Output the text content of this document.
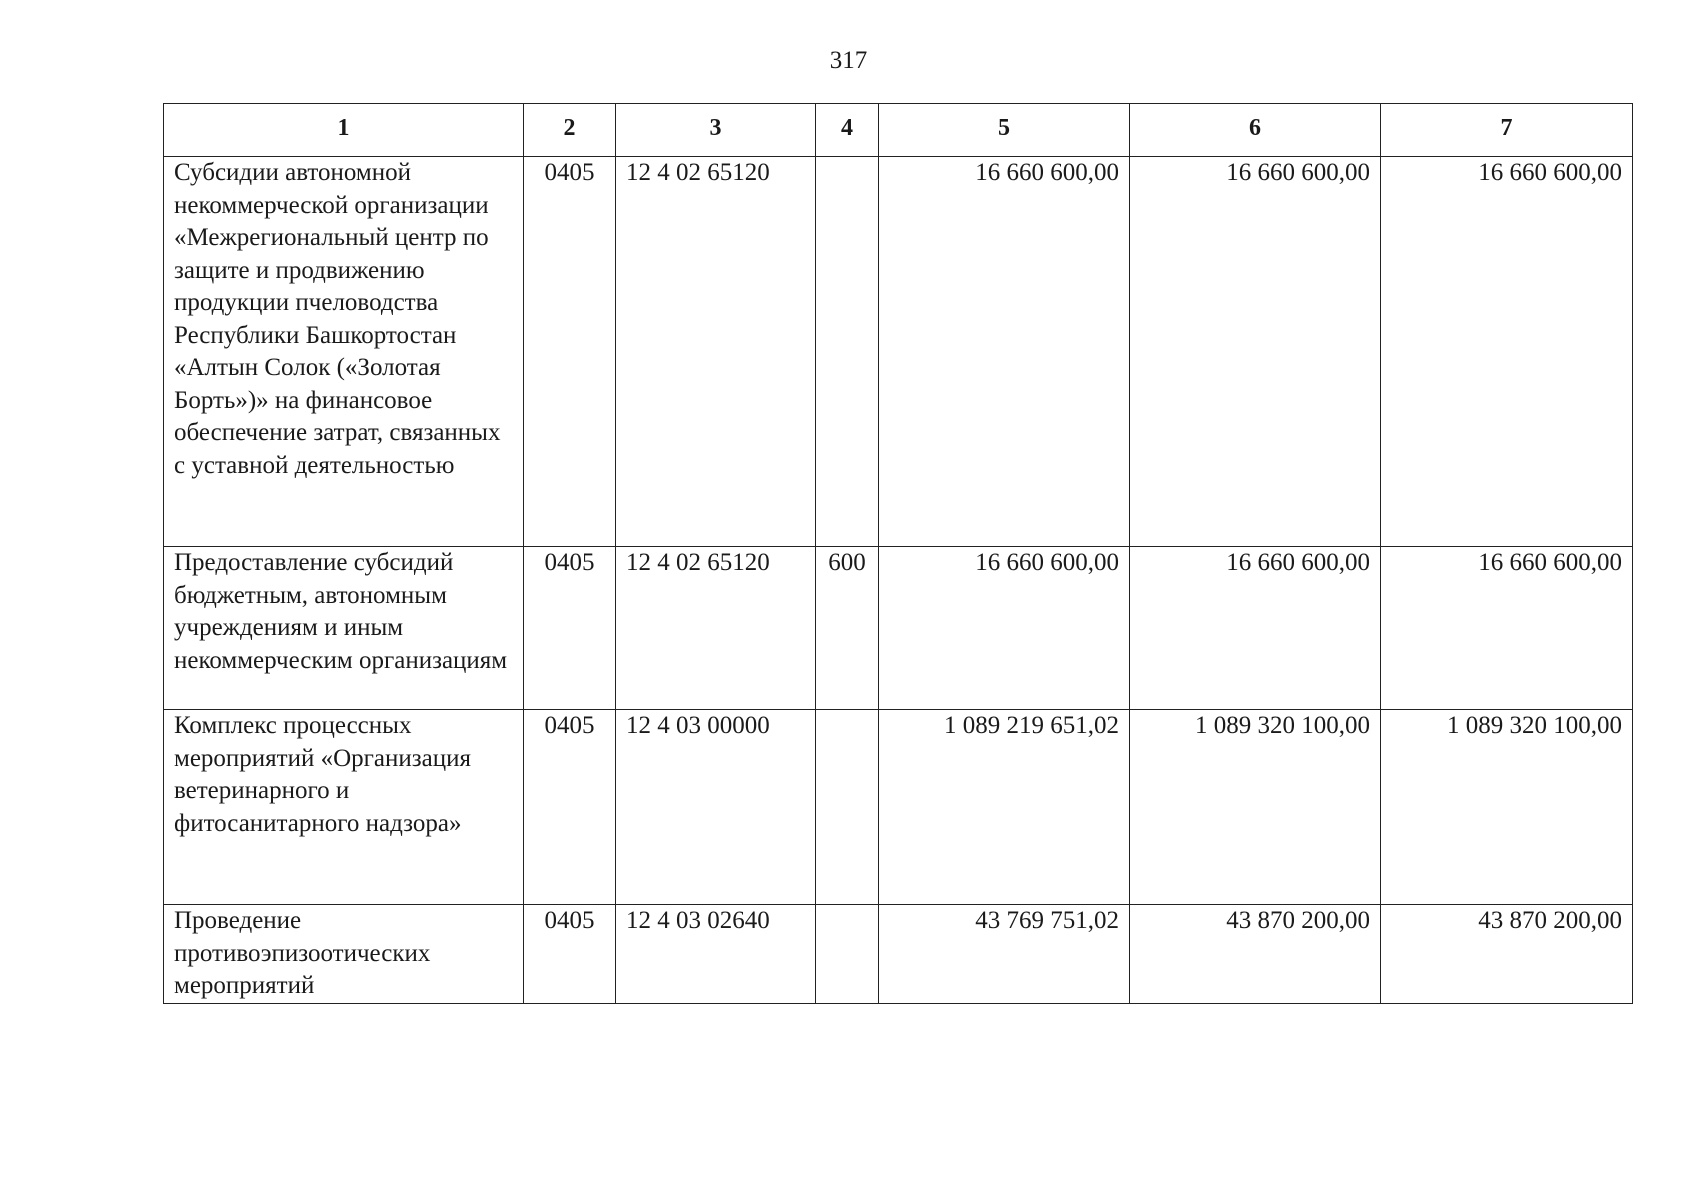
317
1	2	3	4	5	6	7
Субсидии автономной некоммерческой организации «Межрегиональный центр по защите и продвижению продукции пчеловодства Республики Башкортостан «Алтын Солок («Золотая Борть»)» на финансовое обеспечение затрат, связанных с уставной деятельностью	0405	12 4 02 65120		16 660 600,00	16 660 600,00	16 660 600,00
Предоставление субсидий бюджетным, автономным учреждениям и иным некоммерческим организациям	0405	12 4 02 65120	600	16 660 600,00	16 660 600,00	16 660 600,00
Комплекс процессных мероприятий «Организация ветеринарного и фитосанитарного надзора»	0405	12 4 03 00000		1 089 219 651,02	1 089 320 100,00	1 089 320 100,00
Проведение противоэпизоотических мероприятий	0405	12 4 03 02640		43 769 751,02	43 870 200,00	43 870 200,00
